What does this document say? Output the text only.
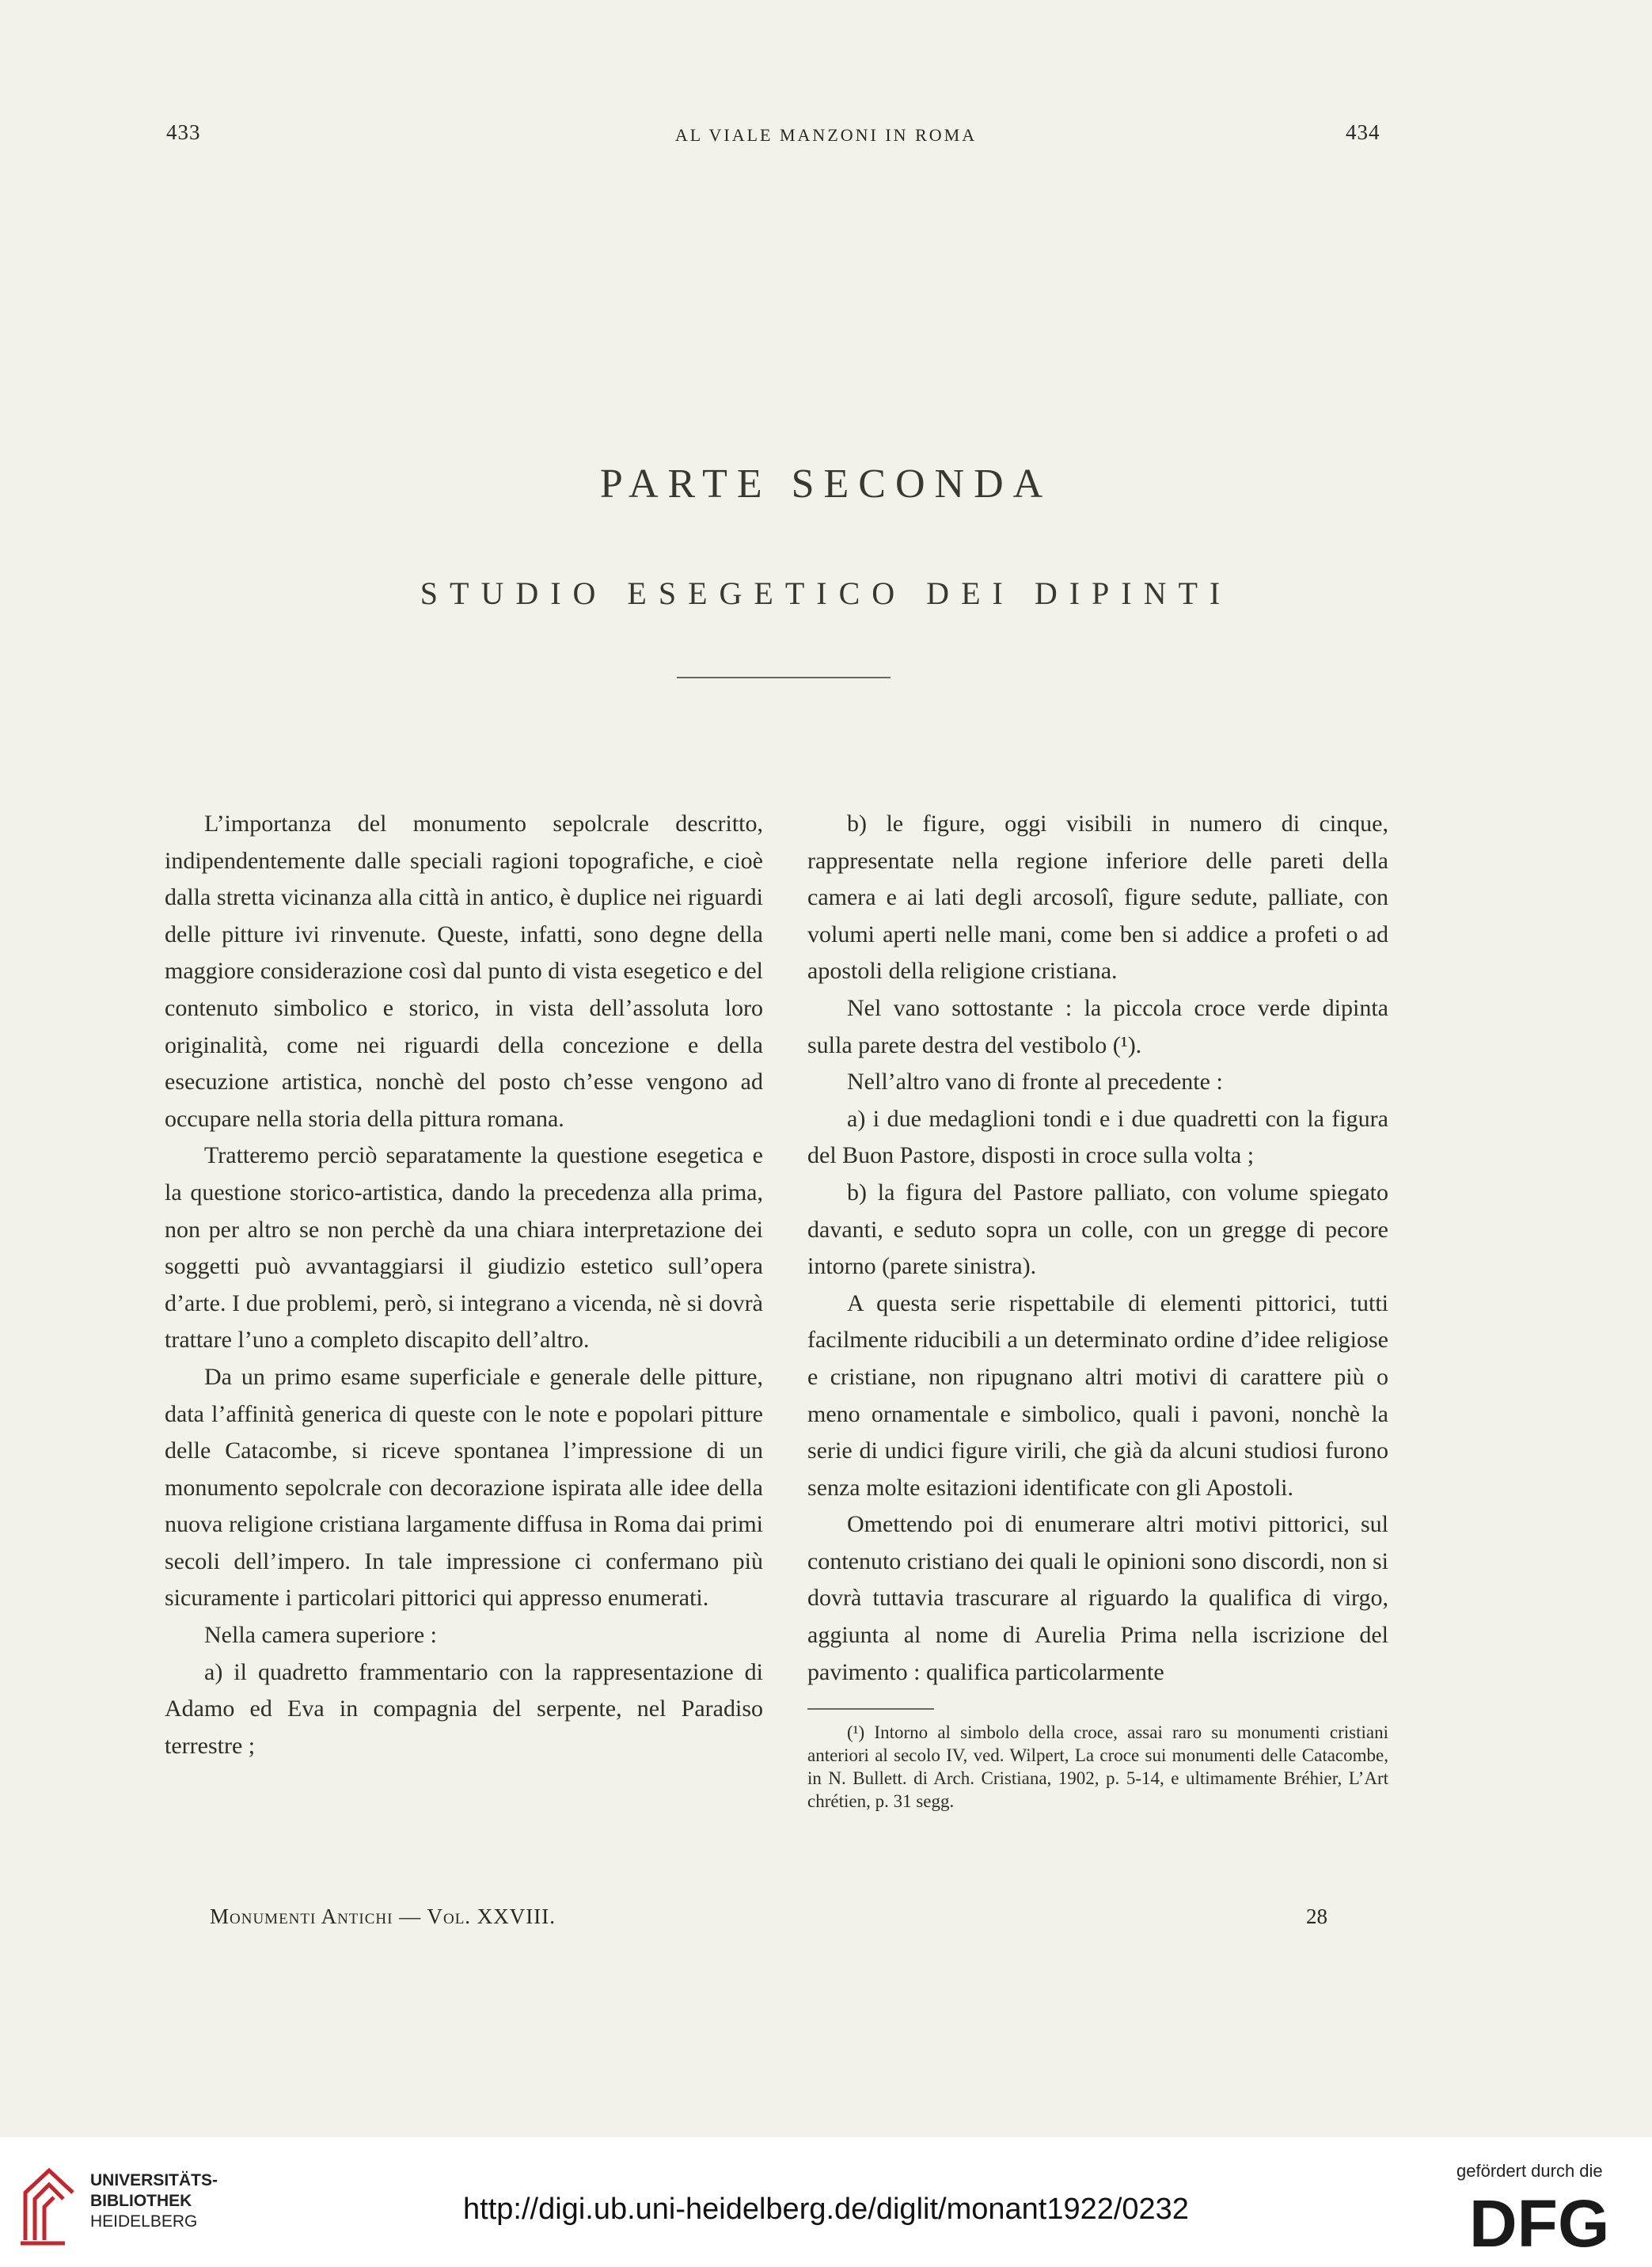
433	AL VIALE MANZONI IN ROMA	434
PARTE SECONDA
STUDIO ESEGETICO DEI DIPINTI

L’importanza del monumento sepolcrale descritto, indipendentemente dalle speciali ragioni topografiche, e cioè dalla stretta vicinanza alla città in antico, è duplice nei riguardi delle pitture ivi rinvenute. Queste, infatti, sono degne della maggiore considerazione così dal punto di vista esegetico e del contenuto simbolico e storico, in vista dell’assoluta loro originalità, come nei riguardi della concezione e della esecuzione artistica, nonchè del posto ch’esse vengono ad occupare nella storia della pittura romana.

Tratteremo perciò separatamente la questione esegetica e la questione storico-artistica, dando la precedenza alla prima, non per altro se non perchè da una chiara interpretazione dei soggetti può avvantaggiarsi il giudizio estetico sull’opera d’arte. I due problemi, però, si integrano a vicenda, nè si dovrà trattare l’uno a completo discapito dell’altro.

Da un primo esame superficiale e generale delle pitture, data l’affinità generica di queste con le note e popolari pitture delle Catacombe, si riceve spontanea l’impressione di un monumento sepolcrale con decorazione ispirata alle idee della nuova religione cristiana largamente diffusa in Roma dai primi secoli dell’impero. In tale impressione ci confermano più sicuramente i particolari pittorici qui appresso enumerati.

Nella camera superiore :

a) il quadretto frammentario con la rappresentazione di Adamo ed Eva in compagnia del serpente, nel Paradiso terrestre ;

b) le figure, oggi visibili in numero di cinque, rappresentate nella regione inferiore delle pareti della camera e ai lati degli arcosolî, figure sedute, palliate, con volumi aperti nelle mani, come ben si addice a profeti o ad apostoli della religione cristiana.

Nel vano sottostante : la piccola croce verde dipinta sulla parete destra del vestibolo (¹).

Nell’altro vano di fronte al precedente :

a) i due medaglioni tondi e i due quadretti con la figura del Buon Pastore, disposti in croce sulla volta ;

b) la figura del Pastore palliato, con volume spiegato davanti, e seduto sopra un colle, con un gregge di pecore intorno (parete sinistra).

A questa serie rispettabile di elementi pittorici, tutti facilmente riducibili a un determinato ordine d’idee religiose e cristiane, non ripugnano altri motivi di carattere più o meno ornamentale e simbolico, quali i pavoni, nonchè la serie di undici figure virili, che già da alcuni studiosi furono senza molte esitazioni identificate con gli Apostoli.

Omettendo poi di enumerare altri motivi pittorici, sul contenuto cristiano dei quali le opinioni sono discordi, non si dovrà tuttavia trascurare al riguardo la qualifica di virgo, aggiunta al nome di Aurelia Prima nella iscrizione del pavimento : qualifica particolarmente

(¹) Intorno al simbolo della croce, assai raro su monumenti cristiani anteriori al secolo IV, ved. Wilpert, La croce sui monumenti delle Catacombe, in N. Bullett. di Arch. Cristiana, 1902, p. 5-14, e ultimamente Bréhier, L’Art chrétien, p. 31 segg.

Monumenti Antichi — Vol. XXVIII.	28
UNIVERSITÄTS-
BIBLIOTHEK
HEIDELBERG	http://digi.ub.uni-heidelberg.de/diglit/monant1922/0232
gefördert durch die
DFG
